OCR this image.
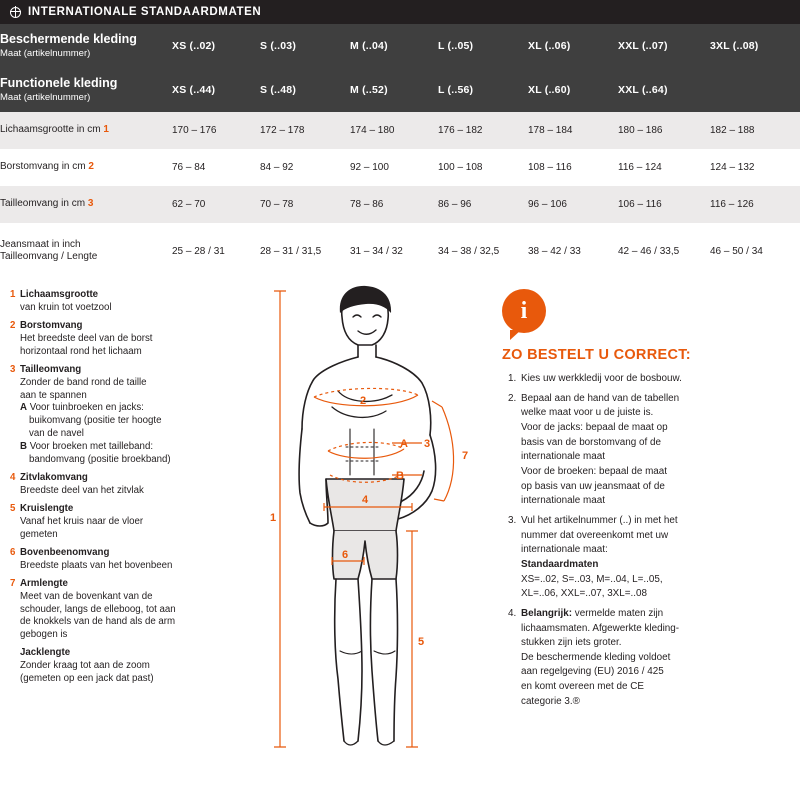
INTERNATIONALE STANDAARDMATEN
Beschermende kleding
Maat (artikelnummer)	XS (..02)	S (..03)	M (..04)	L (..05)	XL (..06)	XXL (..07)	3XL (..08)

Functionele kleding
Maat (artikelnummer)	XS (..44)	S (..48)	M (..52)	L (..56)	XL (..60)	XXL (..64)	
Lichaamsgrootte in cm 1	170 – 176	172 – 178	174 – 180	176 – 182	178 – 184	180 – 186	182 – 188
Borstomvang in cm 2	76 – 84	84 – 92	92 – 100	100 – 108	108 – 116	116 – 124	124 – 132
Tailleomvang in cm 3	62 – 70	70 – 78	78 – 86	86 – 96	96 – 106	106 – 116	116 – 126
Jeansmaat in inch
Tailleomvang / Lengte	25 – 28 / 31	28 – 31 / 31,5	31 – 34 / 32	34 – 38 / 32,5	38 – 42 / 33	42 – 46 / 33,5	46 – 50 / 34
1 Lichaamsgrootte
van kruin tot voetzool
2 Borstomvang
Het breedste deel van de borst
horizontaal rond het lichaam
3 Tailleomvang
Zonder de band rond de taille
aan te spannen
A Voor tuinbroeken en jacks:
buikomvang (positie ter hoogte
van de navel
B Voor broeken met tailleband:
bandomvang (positie broekband)
4 Zitvlakomvang
Breedste deel van het zitvlak
5 Kruislengte
Vanaf het kruis naar de vloer
gemeten
6 Bovenbeenomvang
Breedste plaats van het bovenbeen
7 Armlengte
Meet van de bovenkant van de
schouder, langs de elleboog, tot aan
de knokkels van de hand als de arm
gebogen is
Jacklengte
Zonder kraag tot aan de zoom
(gemeten op een jack dat past)
1
2
3
A
B
4
5
6
7
i
ZO BESTELT U CORRECT:
1. Kies uw werkkledij voor de bosbouw.
2. Bepaal aan de hand van de tabellen
welke maat voor u de juiste is.
Voor de jacks: bepaal de maat op
basis van de borstomvang of de
internationale maat
Voor de broeken: bepaal de maat
op basis van uw jeansmaat of de
internationale maat
3. Vul het artikelnummer (..) in met het
nummer dat overeenkomt met uw
internationale maat:
Standaardmaten
XS=..02, S=..03, M=..04, L=..05,
XL=..06, XXL=..07, 3XL=..08
4. Belangrijk: vermelde maten zijn
lichaamsmaten. Afgewerkte kleding-
stukken zijn iets groter.
De beschermende kleding voldoet
aan regelgeving (EU) 2016 / 425
en komt overeen met de CE
categorie 3.®
